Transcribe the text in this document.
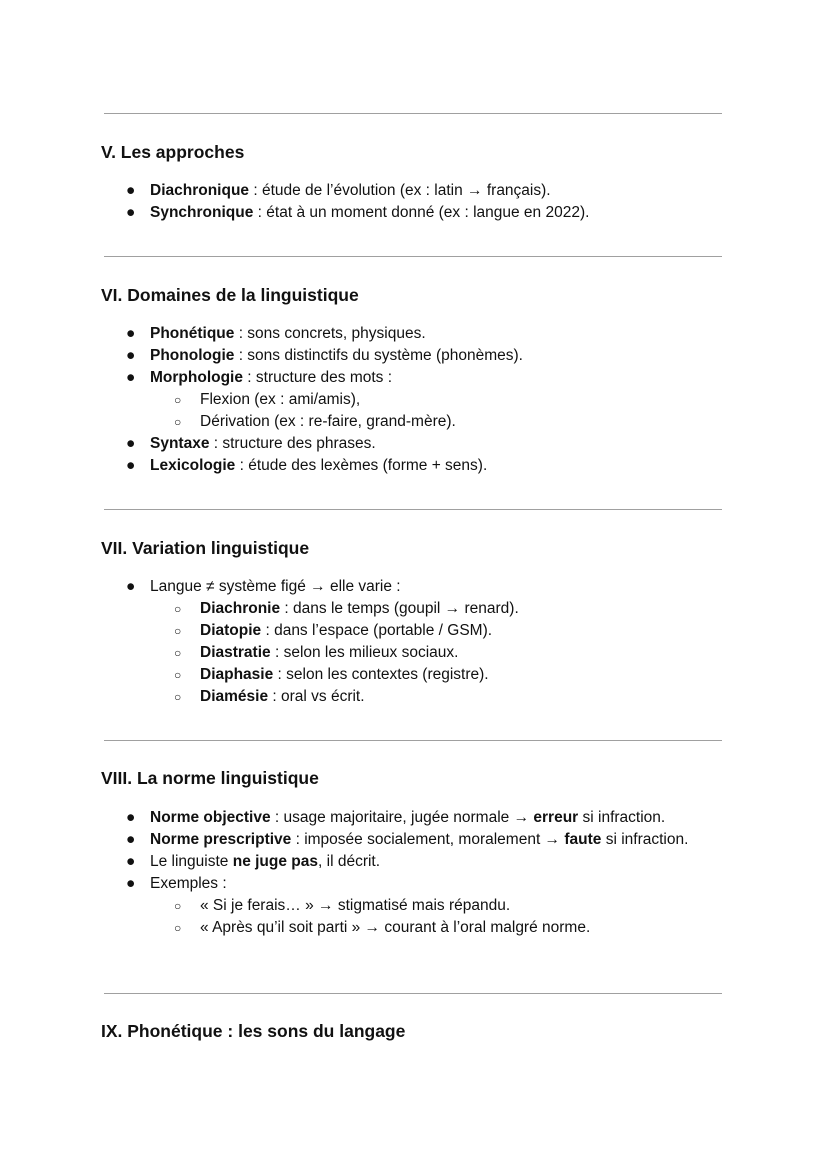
V. Les approches
● Diachronique : étude de l’évolution (ex : latin → français).
● Synchronique : état à un moment donné (ex : langue en 2022).
VI. Domaines de la linguistique
● Phonétique : sons concrets, physiques.
● Phonologie : sons distinctifs du système (phonèmes).
● Morphologie : structure des mots :
○ Flexion (ex : ami/amis),
○ Dérivation (ex : re-faire, grand-mère).
● Syntaxe : structure des phrases.
● Lexicologie : étude des lexèmes (forme + sens).
VII. Variation linguistique
● Langue ≠ système figé → elle varie :
○ Diachronie : dans le temps (goupil → renard).
○ Diatopie : dans l’espace (portable / GSM).
○ Diastratie : selon les milieux sociaux.
○ Diaphasie : selon les contextes (registre).
○ Diamésie : oral vs écrit.
VIII. La norme linguistique
● Norme objective : usage majoritaire, jugée normale → erreur si infraction.
● Norme prescriptive : imposée socialement, moralement → faute si infraction.
● Le linguiste ne juge pas, il décrit.
● Exemples :
○ « Si je ferais… » → stigmatisé mais répandu.
○ « Après qu’il soit parti » → courant à l’oral malgré norme.
IX. Phonétique : les sons du langage
